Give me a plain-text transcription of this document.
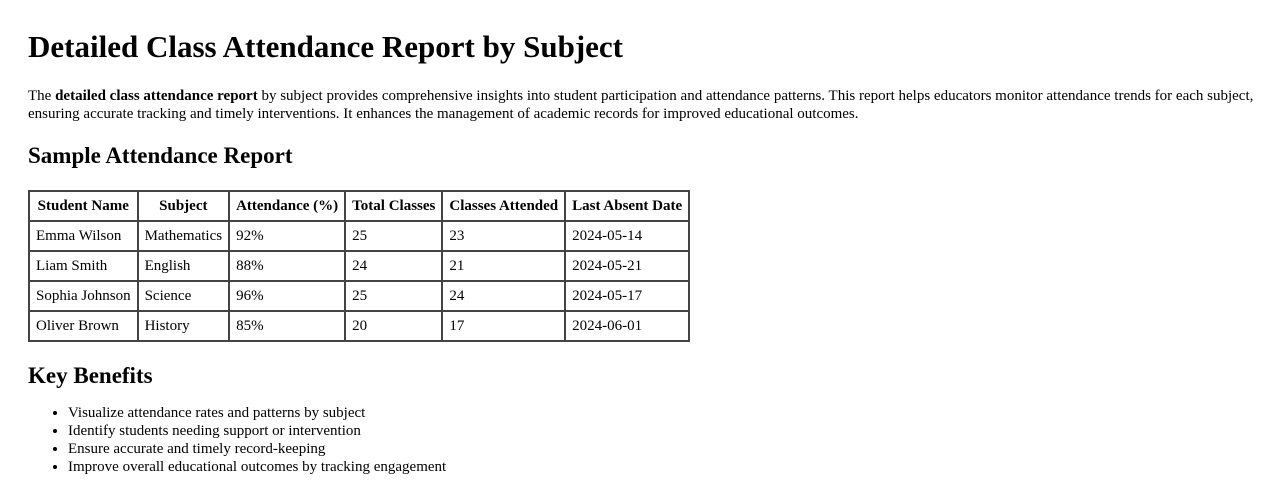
Detailed Class Attendance Report by Subject

The detailed class attendance report by subject provides comprehensive insights into student participation and attendance patterns. This report helps educators monitor attendance trends for each subject, ensuring accurate tracking and timely interventions. It enhances the management of academic records for improved educational outcomes.

Sample Attendance Report
Student Name	Subject	Attendance (%)	Total Classes	Classes Attended	Last Absent Date
Emma Wilson	Mathematics	92%	25	23	2024-05-14
Liam Smith	English	88%	24	21	2024-05-21
Sophia Johnson	Science	96%	25	24	2024-05-17
Oliver Brown	History	85%	20	17	2024-06-01
Key Benefits
• Visualize attendance rates and patterns by subject
• Identify students needing support or intervention
• Ensure accurate and timely record-keeping
• Improve overall educational outcomes by tracking engagement
